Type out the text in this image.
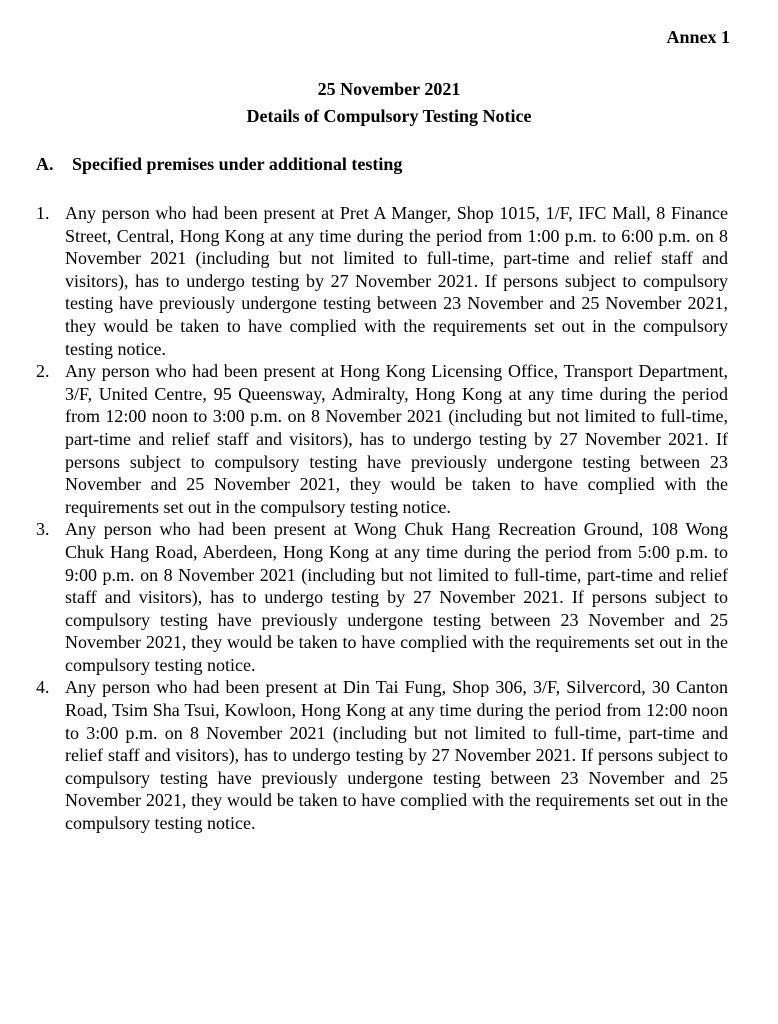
Annex 1
25 November 2021
Details of Compulsory Testing Notice
A. Specified premises under additional testing
1. Any person who had been present at Pret A Manger, Shop 1015, 1/F, IFC Mall, 8 Finance Street, Central, Hong Kong at any time during the period from 1:00 p.m. to 6:00 p.m. on 8 November 2021 (including but not limited to full-time, part-time and relief staff and visitors), has to undergo testing by 27 November 2021. If persons subject to compulsory testing have previously undergone testing between 23 November and 25 November 2021, they would be taken to have complied with the requirements set out in the compulsory testing notice.
2. Any person who had been present at Hong Kong Licensing Office, Transport Department, 3/F, United Centre, 95 Queensway, Admiralty, Hong Kong at any time during the period from 12:00 noon to 3:00 p.m. on 8 November 2021 (including but not limited to full-time, part-time and relief staff and visitors), has to undergo testing by 27 November 2021. If persons subject to compulsory testing have previously undergone testing between 23 November and 25 November 2021, they would be taken to have complied with the requirements set out in the compulsory testing notice.
3. Any person who had been present at Wong Chuk Hang Recreation Ground, 108 Wong Chuk Hang Road, Aberdeen, Hong Kong at any time during the period from 5:00 p.m. to 9:00 p.m. on 8 November 2021 (including but not limited to full-time, part-time and relief staff and visitors), has to undergo testing by 27 November 2021. If persons subject to compulsory testing have previously undergone testing between 23 November and 25 November 2021, they would be taken to have complied with the requirements set out in the compulsory testing notice.
4. Any person who had been present at Din Tai Fung, Shop 306, 3/F, Silvercord, 30 Canton Road, Tsim Sha Tsui, Kowloon, Hong Kong at any time during the period from 12:00 noon to 3:00 p.m. on 8 November 2021 (including but not limited to full-time, part-time and relief staff and visitors), has to undergo testing by 27 November 2021. If persons subject to compulsory testing have previously undergone testing between 23 November and 25 November 2021, they would be taken to have complied with the requirements set out in the compulsory testing notice.
